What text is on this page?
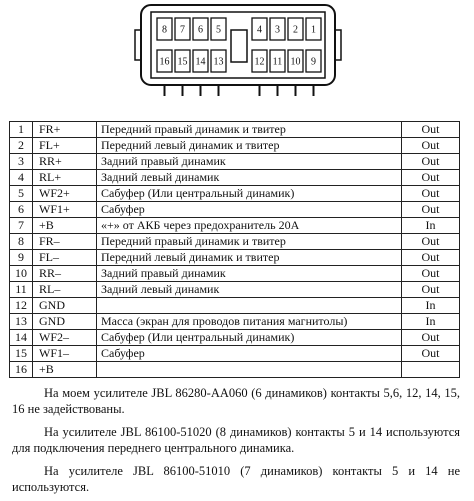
8 7 6 5	4 3 2 1
16 15 14 13	12 11 10 9
1	FR+	Передний правый динамик и твитер	Out
2	FL+	Передний левый динамик и твитер	Out
3	RR+	Задний правый динамик	Out
4	RL+	Задний левый динамик	Out
5	WF2+	Сабуфер (Или центральный динамик)	Out
6	WF1+	Сабуфер	Out
7	+B	«+» от АКБ через предохранитель 20А	In
8	FR–	Передний правый динамик и твитер	Out
9	FL–	Передний левый динамик и твитер	Out
10	RR–	Задний правый динамик	Out
11	RL–	Задний левый динамик	Out
12	GND		In
13	GND	Масса (экран для проводов питания магнитолы)	In
14	WF2–	Сабуфер (Или центральный динамик)	Out
15	WF1–	Сабуфер	Out
16	+B		

На моем усилителе JBL 86280-AA060 (6 динамиков) контакты 5,6, 12, 14, 15, 16 не задействованы.

На усилителе JBL 86100-51020 (8 динамиков) контакты 5 и 14 используются для подключения переднего центрального динамика.

На усилителе JBL 86100-51010 (7 динамиков) контакты 5 и 14 не используются.
